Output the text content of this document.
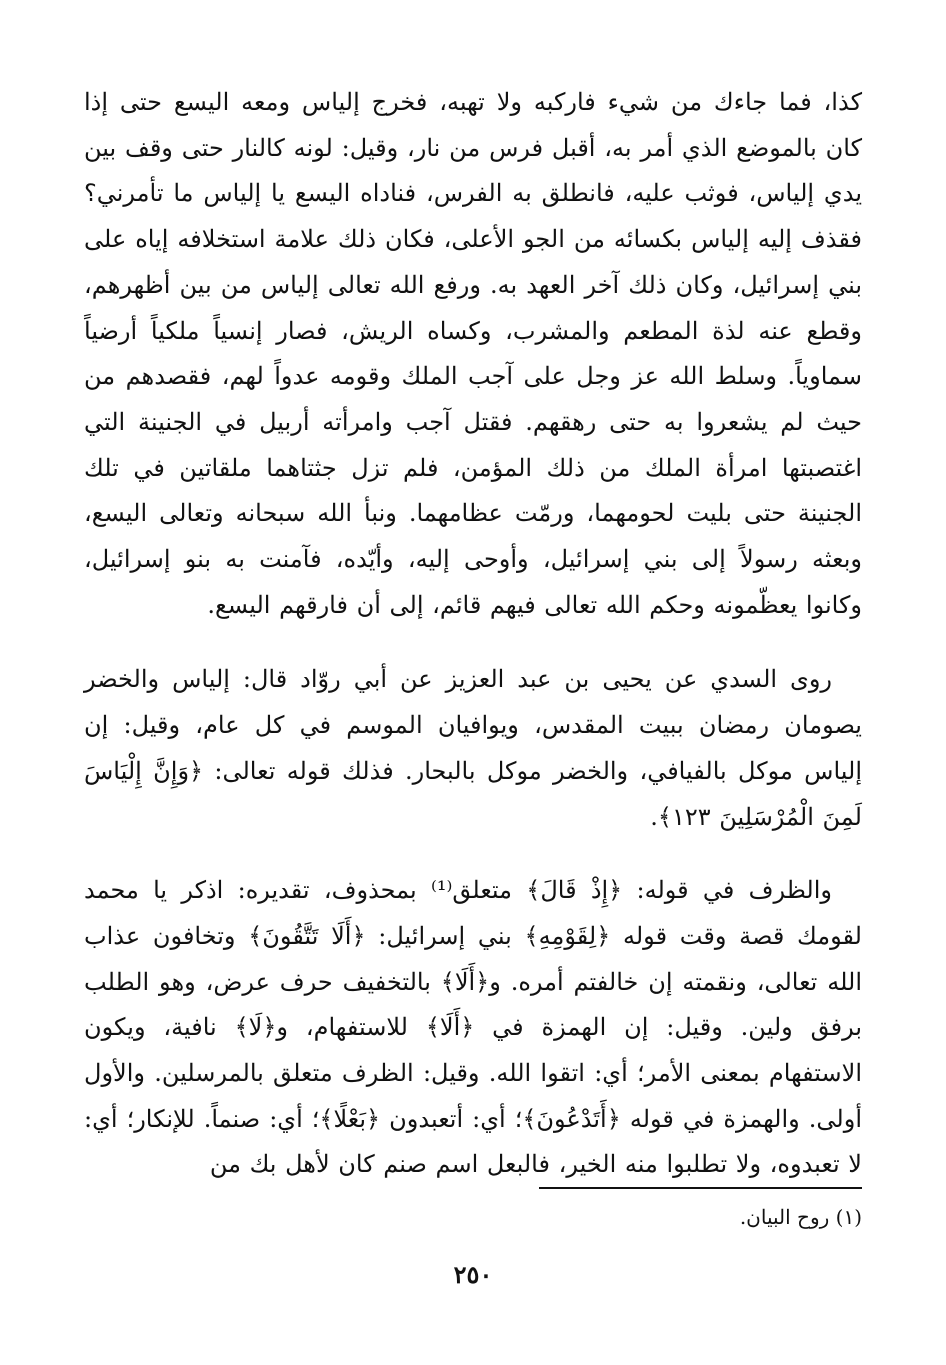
كذا، فما جاءك من شيء فاركبه ولا تهبه، فخرج إلياس ومعه اليسع حتى إذا كان بالموضع الذي أمر به، أقبل فرس من نار، وقيل: لونه كالنار حتى وقف بين يدي إلياس، فوثب عليه، فانطلق به الفرس، فناداه اليسع يا إلياس ما تأمرني؟ فقذف إليه إلياس بكسائه من الجو الأعلى، فكان ذلك علامة استخلافه إياه على بني إسرائيل، وكان ذلك آخر العهد به. ورفع الله تعالى إلياس من بين أظهرهم، وقطع عنه لذة المطعم والمشرب، وكساه الريش، فصار إنسياً ملكياً أرضياً سماوياً. وسلط الله عز وجل على آجب الملك وقومه عدواً لهم، فقصدهم من حيث لم يشعروا به حتى رهقهم. فقتل آجب وامرأته أربيل في الجنينة التي اغتصبتها امرأة الملك من ذلك المؤمن، فلم تزل جثتاهما ملقاتين في تلك الجنينة حتى بليت لحومهما، ورمّت عظامهما. ونبأ الله سبحانه وتعالى اليسع، وبعثه رسولاً إلى بني إسرائيل، وأوحى إليه، وأيّده، فآمنت به بنو إسرائيل، وكانوا يعظّمونه وحكم الله تعالى فيهم قائم، إلى أن فارقهم اليسع.

روى السدي عن يحيى بن عبد العزيز عن أبي روّاد قال: إلياس والخضر يصومان رمضان ببيت المقدس، ويوافيان الموسم في كل عام، وقيل: إن إلياس موكل بالفيافي، والخضر موكل بالبحار. فذلك قوله تعالى: ﴿وَإِنَّ إِلْيَاسَ لَمِنَ الْمُرْسَلِينَ ١٢٣﴾.

والظرف في قوله: ﴿إِذْ قَالَ﴾ متعلق⁽¹⁾ بمحذوف، تقديره: اذكر يا محمد لقومك قصة وقت قوله ﴿لِقَوْمِهِ﴾ بني إسرائيل: ﴿أَلَا تَتَّقُونَ﴾ وتخافون عذاب الله تعالى، ونقمته إن خالفتم أمره. و﴿أَلَا﴾ بالتخفيف حرف عرض، وهو الطلب برفق ولين. وقيل: إن الهمزة في ﴿أَلَا﴾ للاستفهام، و﴿لَا﴾ نافية، ويكون الاستفهام بمعنى الأمر؛ أي: اتقوا الله. وقيل: الظرف متعلق بالمرسلين. والأول أولى. والهمزة في قوله ﴿أَتَدْعُونَ﴾؛ أي: أتعبدون ﴿بَعْلًا﴾؛ أي: صنماً. للإنكار؛ أي: لا تعبدوه، ولا تطلبوا منه الخير، فالبعل اسم صنم كان لأهل بك من

(١) روح البيان.

٢٥٠
